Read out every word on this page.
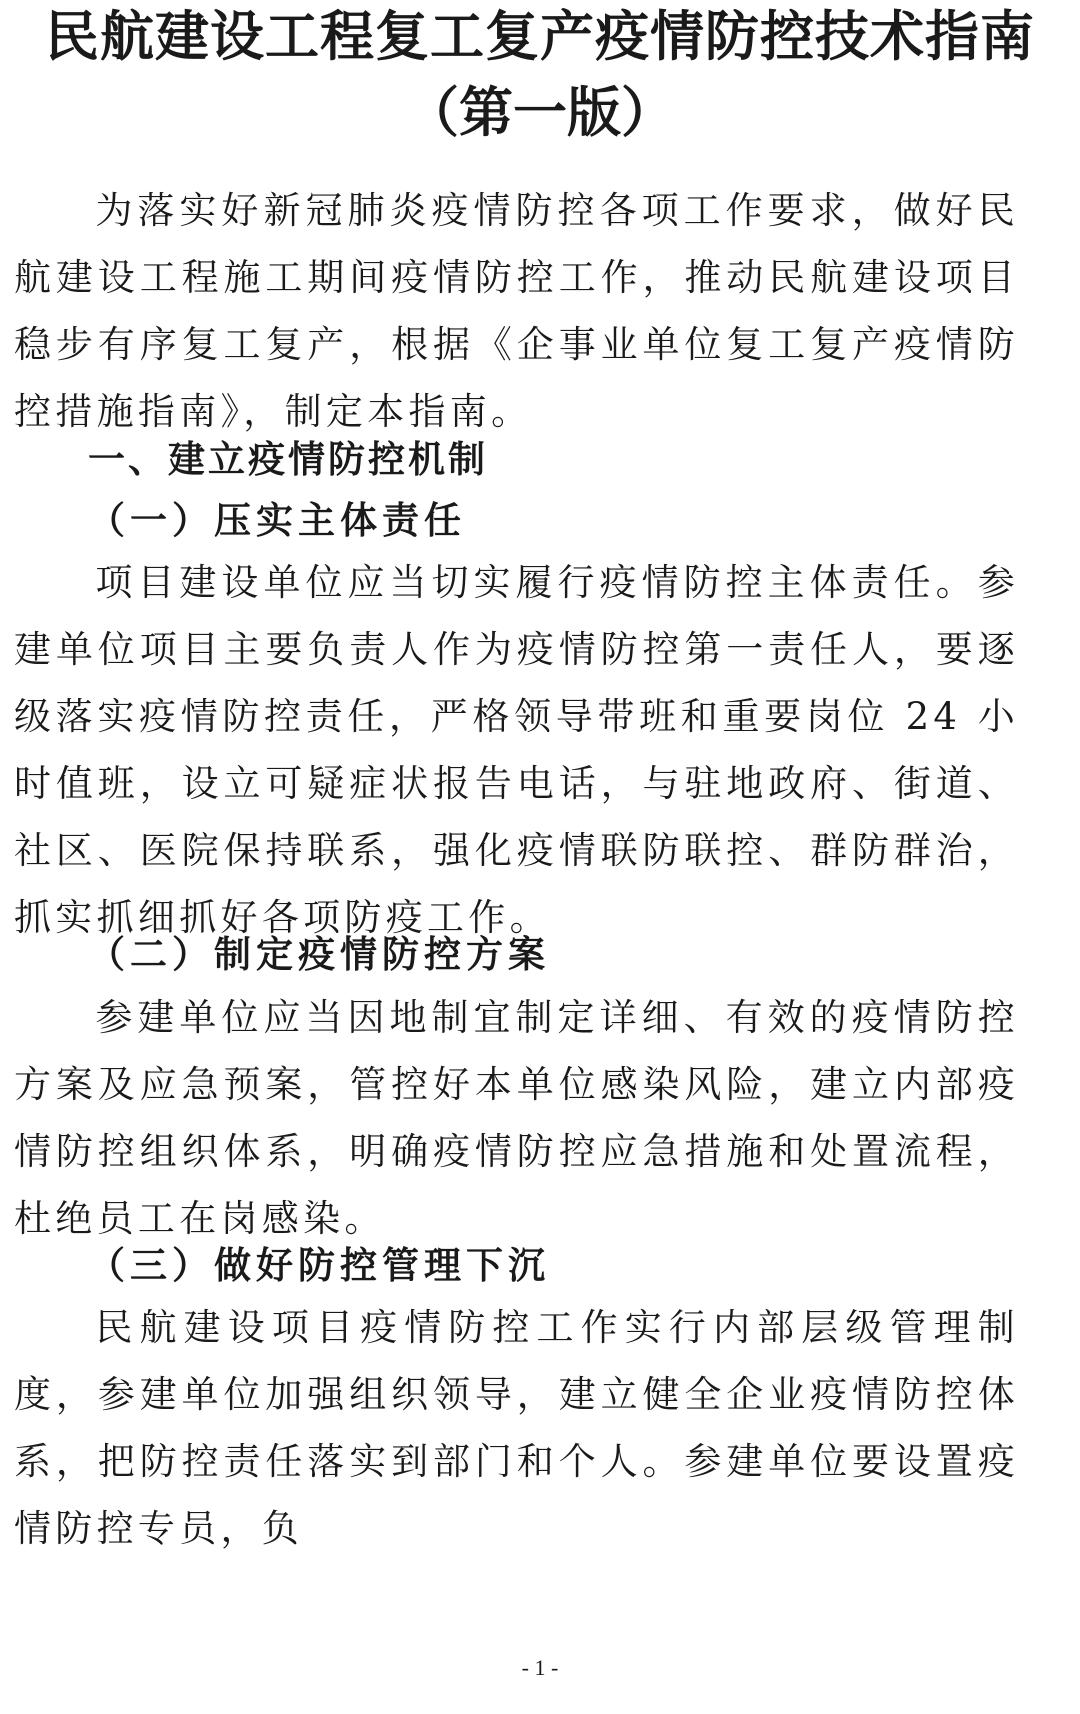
民航建设工程复工复产疫情防控技术指南
（第一版）

为落实好新冠肺炎疫情防控各项工作要求，做好民航建设工程施工期间疫情防控工作，推动民航建设项目稳步有序复工复产，根据《企事业单位复工复产疫情防控措施指南》，制定本指南。

一、建立疫情防控机制
（一）压实主体责任

项目建设单位应当切实履行疫情防控主体责任。参建单位项目主要负责人作为疫情防控第一责任人，要逐级落实疫情防控责任，严格领导带班和重要岗位 24 小时值班，设立可疑症状报告电话，与驻地政府、街道、社区、医院保持联系，强化疫情联防联控、群防群治，抓实抓细抓好各项防疫工作。

（二）制定疫情防控方案

参建单位应当因地制宜制定详细、有效的疫情防控方案及应急预案，管控好本单位感染风险，建立内部疫情防控组织体系，明确疫情防控应急措施和处置流程，杜绝员工在岗感染。

（三）做好防控管理下沉

民航建设项目疫情防控工作实行内部层级管理制度，参建单位加强组织领导，建立健全企业疫情防控体系，把防控责任落实到部门和个人。参建单位要设置疫情防控专员，负

- 1 -
